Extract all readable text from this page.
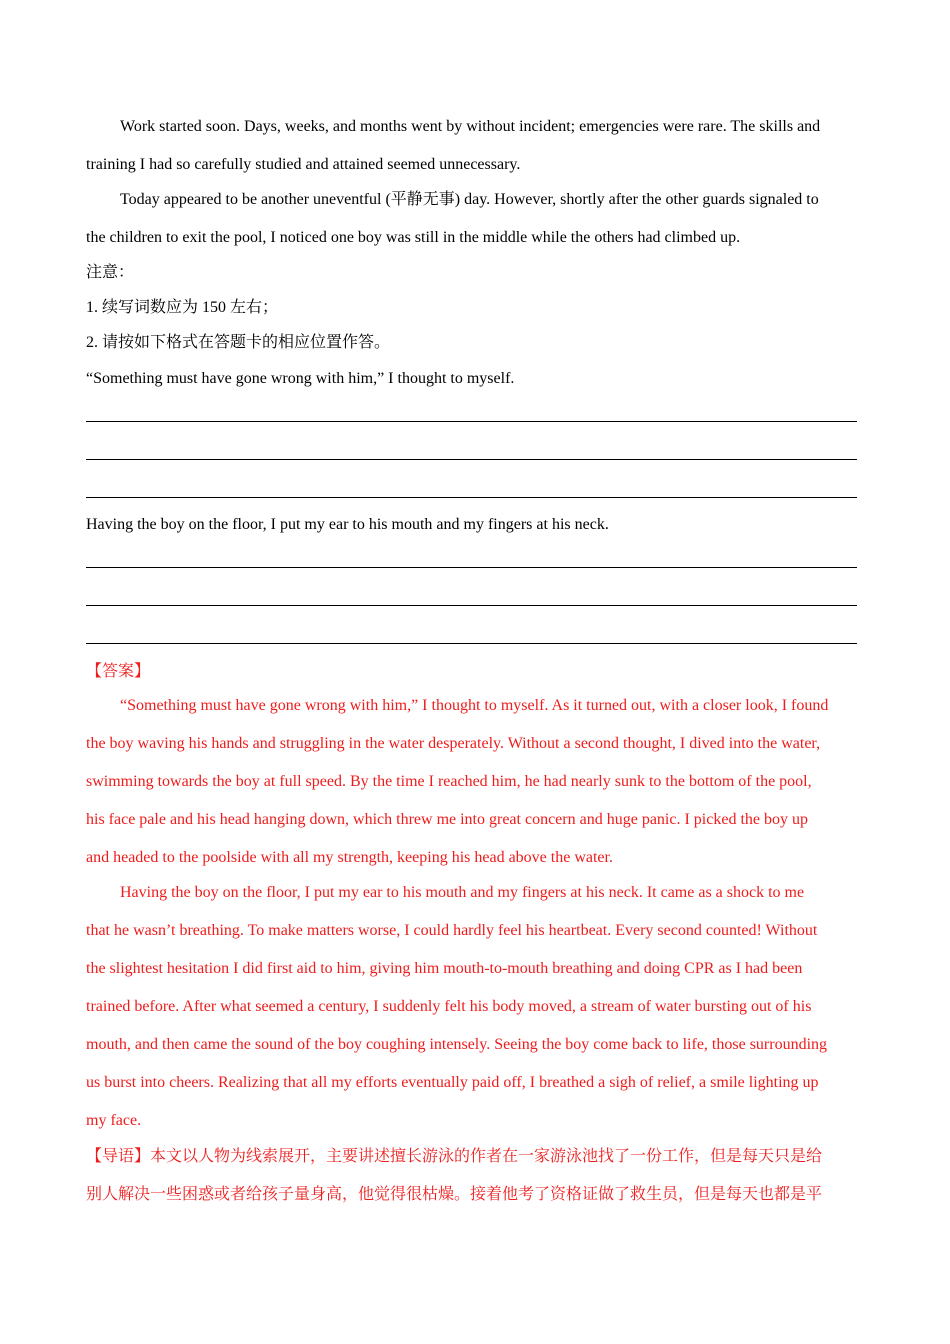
Work started soon. Days, weeks, and months went by without incident; emergencies were rare. The skills and
training I had so carefully studied and attained seemed unnecessary.
Today appeared to be another uneventful (平静无事) day. However, shortly after the other guards signaled to
the children to exit the pool, I noticed one boy was still in the middle while the others had climbed up.
注意：
1. 续写词数应为 150 左右；
2. 请按如下格式在答题卡的相应位置作答。
“Something must have gone wrong with him,” I thought to myself.
Having the boy on the floor, I put my ear to his mouth and my fingers at his neck.
【答案】
“Something must have gone wrong with him,” I thought to myself. As it turned out, with a closer look, I found
the boy waving his hands and struggling in the water desperately. Without a second thought, I dived into the water,
swimming towards the boy at full speed. By the time I reached him, he had nearly sunk to the bottom of the pool,
his face pale and his head hanging down, which threw me into great concern and huge panic. I picked the boy up
and headed to the poolside with all my strength, keeping his head above the water.
Having the boy on the floor, I put my ear to his mouth and my fingers at his neck. It came as a shock to me
that he wasn’t breathing. To make matters worse, I could hardly feel his heartbeat. Every second counted! Without
the slightest hesitation I did first aid to him, giving him mouth-to-mouth breathing and doing CPR as I had been
trained before. After what seemed a century, I suddenly felt his body moved, a stream of water bursting out of his
mouth, and then came the sound of the boy coughing intensely. Seeing the boy come back to life, those surrounding
us burst into cheers. Realizing that all my efforts eventually paid off, I breathed a sigh of relief, a smile lighting up
my face.
【导语】本文以人物为线索展开，主要讲述擅长游泳的作者在一家游泳池找了一份工作，但是每天只是给
别人解决一些困惑或者给孩子量身高，他觉得很枯燥。接着他考了资格证做了救生员，但是每天也都是平
